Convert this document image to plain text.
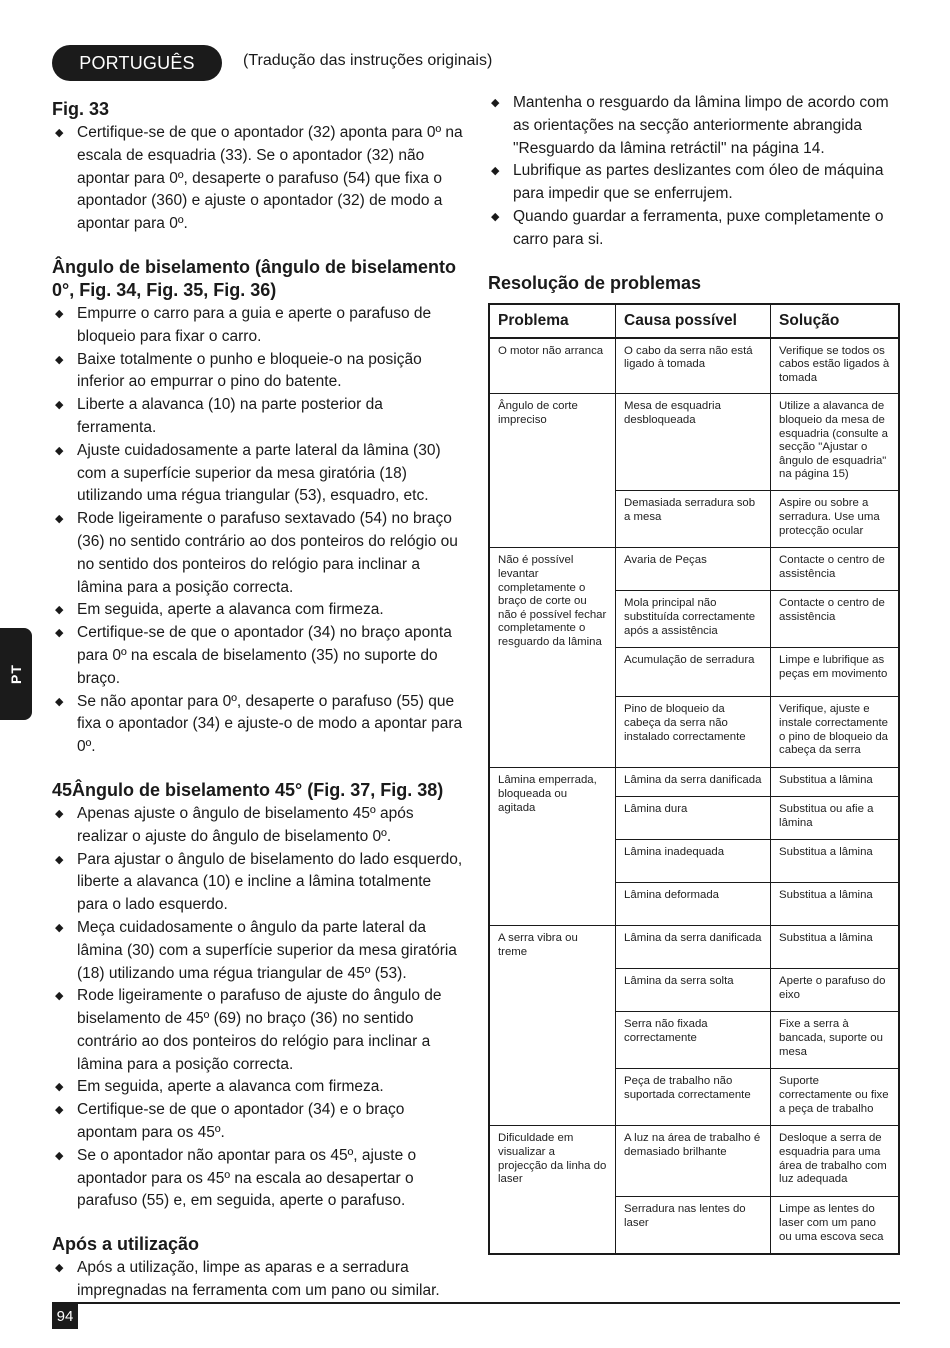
PORTUGUÊS	(Tradução das instruções originais)
PT
Fig. 33
◆ Certifique-se de que o apontador (32) aponta para 0º na escala de esquadria (33). Se o apontador (32) não apontar para 0º, desaperte o parafuso (54) que fixa o apontador (360) e ajuste o apontador (32) de modo a apontar para 0º.
Ângulo de biselamento (ângulo de biselamento 0°, Fig. 34, Fig. 35, Fig. 36)
◆ Empurre o carro para a guia e aperte o parafuso de bloqueio para fixar o carro.
◆ Baixe totalmente o punho e bloqueie-o na posição inferior ao empurrar o pino do batente.
◆ Liberte a alavanca (10) na parte posterior da ferramenta.
◆ Ajuste cuidadosamente a parte lateral da lâmina (30) com a superfície superior da mesa giratória (18) utilizando uma régua triangular (53), esquadro, etc.
◆ Rode ligeiramente o parafuso sextavado (54) no braço (36) no sentido contrário ao dos ponteiros do relógio ou no sentido dos ponteiros do relógio para inclinar a lâmina para a posição correcta.
◆ Em seguida, aperte a alavanca com firmeza.
◆ Certifique-se de que o apontador (34) no braço aponta para 0º na escala de biselamento (35) no suporte do braço.
◆ Se não apontar para 0º, desaperte o parafuso (55) que fixa o apontador (34) e ajuste-o de modo a apontar para 0º.
45Ângulo de biselamento 45° (Fig. 37, Fig. 38)
◆ Apenas ajuste o ângulo de biselamento 45º após realizar o ajuste do ângulo de biselamento 0º.
◆ Para ajustar o ângulo de biselamento do lado esquerdo, liberte a alavanca (10) e incline a lâmina totalmente para o lado esquerdo.
◆ Meça cuidadosamente o ângulo da parte lateral da lâmina (30) com a superfície superior da mesa giratória (18) utilizando uma régua triangular de 45º (53).
◆ Rode ligeiramente o parafuso de ajuste do ângulo de biselamento de 45º (69) no braço (36) no sentido contrário ao dos ponteiros do relógio para inclinar a lâmina para a posição correcta.
◆ Em seguida, aperte a alavanca com firmeza.
◆ Certifique-se de que o apontador (34) e o braço apontam para os 45º.
◆ Se o apontador não apontar para os 45º, ajuste o apontador para os 45º na escala ao desapertar o parafuso (55) e, em seguida, aperte o parafuso.
Após a utilização
◆ Após a utilização, limpe as aparas e a serradura impregnadas na ferramenta com um pano ou similar.
◆ Mantenha o resguardo da lâmina limpo de acordo com as orientações na secção anteriormente abrangida "Resguardo da lâmina retráctil" na página 14.
◆ Lubrifique as partes deslizantes com óleo de máquina para impedir que se enferrujem.
◆ Quando guardar a ferramenta, puxe completamente o carro para si.
Resolução de problemas
Problema	Causa possível	Solução
O motor não arranca	O cabo da serra não está ligado à tomada	Verifique se todos os cabos estão ligados à tomada
Ângulo de corte impreciso	Mesa de esquadria desbloqueada	Utilize a alavanca de bloqueio da mesa de esquadria (consulte a secção "Ajustar o ângulo de esquadria" na página 15)
	Demasiada serradura sob a mesa	Aspire ou sobre a serradura. Use uma protecção ocular
Não é possível levantar completamente o braço de corte ou não é possível fechar completamente o resguardo da lâmina	Avaria de Peças	Contacte o centro de assistência
	Mola principal não substituída correctamente após a assistência	Contacte o centro de assistência
	Acumulação de serradura	Limpe e lubrifique as peças em movimento
	Pino de bloqueio da cabeça da serra não instalado correctamente	Verifique, ajuste e instale correctamente o pino de bloqueio da cabeça da serra
Lâmina emperrada, bloqueada ou agitada	Lâmina da serra danificada	Substitua a lâmina
	Lâmina dura	Substitua ou afie a lâmina
	Lâmina inadequada	Substitua a lâmina
	Lâmina deformada	Substitua a lâmina
A serra vibra ou treme	Lâmina da serra danificada	Substitua a lâmina
	Lâmina da serra solta	Aperte o parafuso do eixo
	Serra não fixada correctamente	Fixe a serra à bancada, suporte ou mesa
	Peça de trabalho não suportada correctamente	Suporte correctamente ou fixe a peça de trabalho
Dificuldade em visualizar a projecção da linha do laser	A luz na área de trabalho é demasiado brilhante	Desloque a serra de esquadria para uma área de trabalho com luz adequada
	Serradura nas lentes do laser	Limpe as lentes do laser com um pano ou uma escova seca
94
